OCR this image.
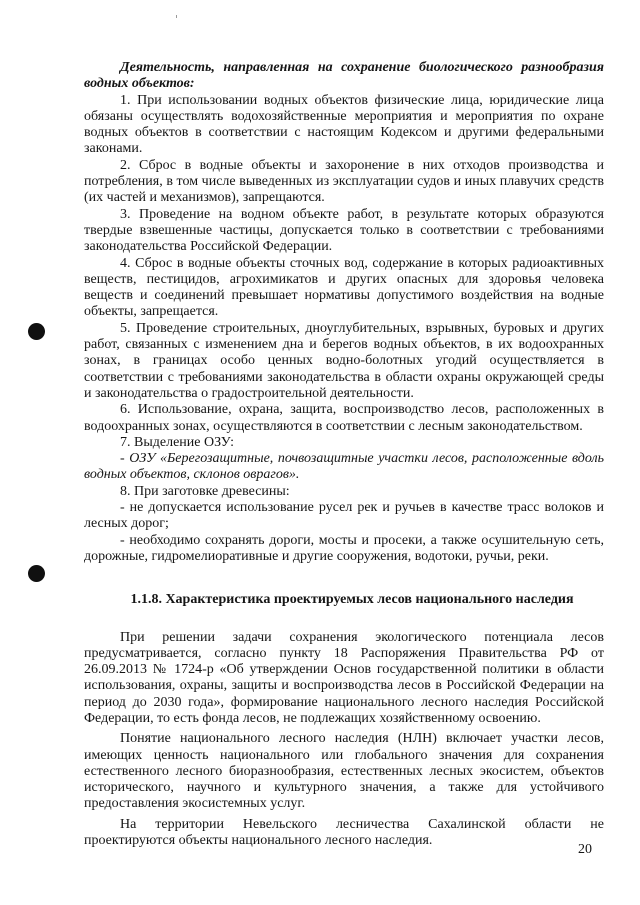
Деятельность, направленная на сохранение биологического разнообразия водных объектов:

1. При использовании водных объектов физические лица, юридические лица обязаны осуществлять водохозяйственные мероприятия и мероприятия по охране водных объектов в соответствии с настоящим Кодексом и другими федеральными законами.

2. Сброс в водные объекты и захоронение в них отходов производства и потребления, в том числе выведенных из эксплуатации судов и иных плавучих средств (их частей и механизмов), запрещаются.

3. Проведение на водном объекте работ, в результате которых образуются твердые взвешенные частицы, допускается только в соответствии с требованиями законодательства Российской Федерации.

4. Сброс в водные объекты сточных вод, содержание в которых радиоактивных веществ, пестицидов, агрохимикатов и других опасных для здоровья человека веществ и соединений превышает нормативы допустимого воздействия на водные объекты, запрещается.

5. Проведение строительных, дноуглубительных, взрывных, буровых и других работ, связанных с изменением дна и берегов водных объектов, в их водоохранных зонах, в границах особо ценных водно-болотных угодий осуществляется в соответствии с требованиями законодательства в области охраны окружающей среды и законодательства о градостроительной деятельности.

6. Использование, охрана, защита, воспроизводство лесов, расположенных в водоохранных зонах, осуществляются в соответствии с лесным законодательством.

7. Выделение ОЗУ:

- ОЗУ «Берегозащитные, почвозащитные участки лесов, расположенные вдоль водных объектов, склонов оврагов».

8. При заготовке древесины:

- не допускается использование русел рек и ручьев в качестве трасс волоков и лесных дорог;

- необходимо сохранять дороги, мосты и просеки, а также осушительную сеть, дорожные, гидромелиоративные и другие сооружения, водотоки, ручьи, реки.

1.1.8. Характеристика проектируемых лесов национального наследия

При решении задачи сохранения экологического потенциала лесов предусматривается, согласно пункту 18 Распоряжения Правительства РФ от 26.09.2013 № 1724-р «Об утверждении Основ государственной политики в области использования, охраны, защиты и воспроизводства лесов в Российской Федерации на период до 2030 года», формирование национального лесного наследия Российской Федерации, то есть фонда лесов, не подлежащих хозяйственному освоению.

Понятие национального лесного наследия (НЛН) включает участки лесов, имеющих ценность национального или глобального значения для сохранения естественного лесного биоразнообразия, естественных лесных экосистем, объектов исторического, научного и культурного значения, а также для устойчивого предоставления экосистемных услуг.

На территории Невельского лесничества Сахалинской области не проектируются объекты национального лесного наследия.

20
